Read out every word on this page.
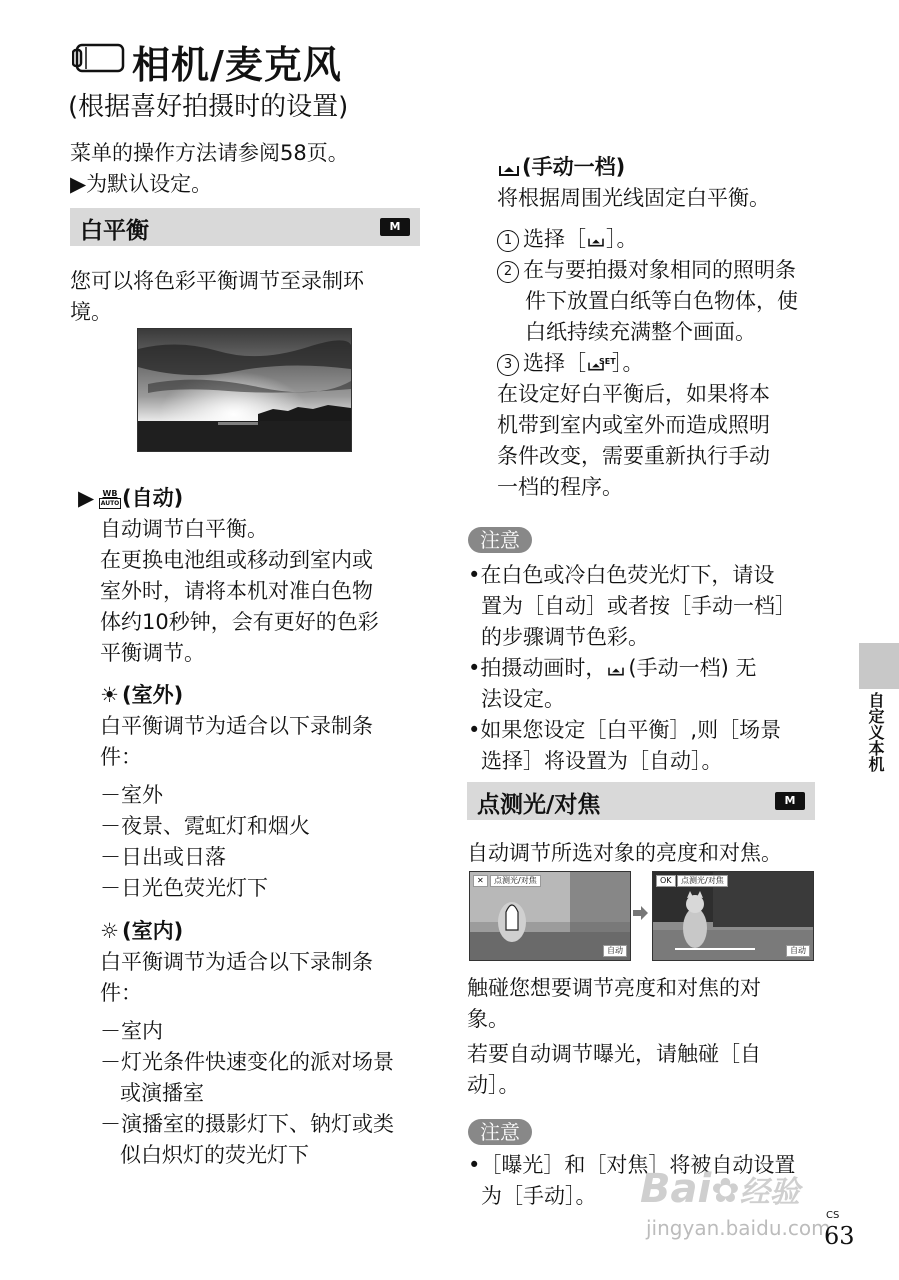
相机/麦克风
(根据喜好拍摄时的设置)
菜单的操作方法请参阅58页。
▶为默认设定。
白平衡	M
您可以将色彩平衡调节至录制环
境。
▶	WB
AUTO (自动)
自动调节白平衡。
在更换电池组或移动到室内或
室外时，请将本机对准白色物
体约10秒钟，会有更好的色彩
平衡调节。
☀ (室外)
白平衡调节为适合以下录制条
件：
－室外
－夜景、霓虹灯和烟火
－日出或日落
－日光色荧光灯下
☼ (室内)
白平衡调节为适合以下录制条
件：
－室内
－灯光条件快速变化的派对场景
或演播室
－演播室的摄影灯下、钠灯或类
似白炽灯的荧光灯下
(手动一档)
将根据周围光线固定白平衡。
1 选择［ ］。
2 在与要拍摄对象相同的照明条
件下放置白纸等白色物体，使
白纸持续充满整个画面。
3 选择［ SET
］。
在设定好白平衡后，如果将本
机带到室内或室外而造成照明
条件改变，需要重新执行手动
一档的程序。
注意
•在白色或冷白色荧光灯下，请设
置为［自动］或者按［手动一档］
的步骤调节色彩。
•拍摄动画时， (手动一档) 无
法设定。
•如果您设定［白平衡］,则［场景
选择］将设置为［自动］。
点测光/对焦	M
自动调节所选对象的亮度和对焦。
✕	点测光/对焦
自动
OK	点测光/对焦
自动
触碰您想要调节亮度和对焦的对
象。
若要自动调节曝光，请触碰［自
动］。
注意
•［曝光］和［对焦］将被自动设置
为［手动］。
自定义本机
Bai✿经验
jingyan.baidu.com
CS
63
